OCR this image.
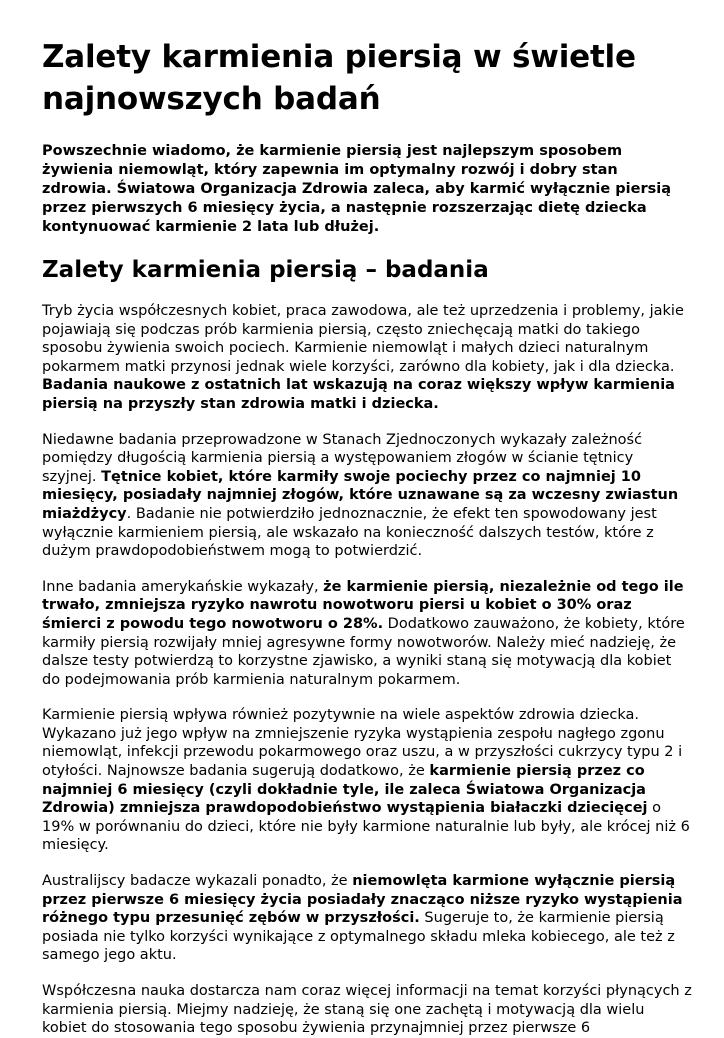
Zalety karmienia piersią w świetle najnowszych badań

Powszechnie wiadomo, że karmienie piersią jest najlepszym sposobem żywienia niemowląt, który zapewnia im optymalny rozwój i dobry stan zdrowia. Światowa Organizacja Zdrowia zaleca, aby karmić wyłącznie piersią przez pierwszych 6 miesięcy życia, a następnie rozszerzając dietę dziecka kontynuować karmienie 2 lata lub dłużej.

Zalety karmienia piersią – badania

Tryb życia współczesnych kobiet, praca zawodowa, ale też uprzedzenia i problemy, jakie pojawiają się podczas prób karmienia piersią, często zniechęcają matki do takiego sposobu żywienia swoich pociech. Karmienie niemowląt i małych dzieci naturalnym pokarmem matki przynosi jednak wiele korzyści, zarówno dla kobiety, jak i dla dziecka. Badania naukowe z ostatnich lat wskazują na coraz większy wpływ karmienia piersią na przyszły stan zdrowia matki i dziecka.

Niedawne badania przeprowadzone w Stanach Zjednoczonych wykazały zależność pomiędzy długością karmienia piersią a występowaniem złogów w ścianie tętnicy szyjnej. Tętnice kobiet, które karmiły swoje pociechy przez co najmniej 10 miesięcy, posiadały najmniej złogów, które uznawane są za wczesny zwiastun miażdżycy. Badanie nie potwierdziło jednoznacznie, że efekt ten spowodowany jest wyłącznie karmieniem piersią, ale wskazało na konieczność dalszych testów, które z dużym prawdopodobieństwem mogą to potwierdzić.

Inne badania amerykańskie wykazały, że karmienie piersią, niezależnie od tego ile trwało, zmniejsza ryzyko nawrotu nowotworu piersi u kobiet o 30% oraz śmierci z powodu tego nowotworu o 28%. Dodatkowo zauważono, że kobiety, które karmiły piersią rozwijały mniej agresywne formy nowotworów. Należy mieć nadzieję, że dalsze testy potwierdzą to korzystne zjawisko, a wyniki staną się motywacją dla kobiet do podejmowania prób karmienia naturalnym pokarmem.

Karmienie piersią wpływa również pozytywnie na wiele aspektów zdrowia dziecka. Wykazano już jego wpływ na zmniejszenie ryzyka wystąpienia zespołu nagłego zgonu niemowląt, infekcji przewodu pokarmowego oraz uszu, a w przyszłości cukrzycy typu 2 i otyłości. Najnowsze badania sugerują dodatkowo, że karmienie piersią przez co najmniej 6 miesięcy (czyli dokładnie tyle, ile zaleca Światowa Organizacja Zdrowia) zmniejsza prawdopodobieństwo wystąpienia białaczki dziecięcej o 19% w porównaniu do dzieci, które nie były karmione naturalnie lub były, ale krócej niż 6 miesięcy.

Australijscy badacze wykazali ponadto, że niemowlęta karmione wyłącznie piersią przez pierwsze 6 miesięcy życia posiadały znacząco niższe ryzyko wystąpienia różnego typu przesunięć zębów w przyszłości. Sugeruje to, że karmienie piersią posiada nie tylko korzyści wynikające z optymalnego składu mleka kobiecego, ale też z samego jego aktu.

Współczesna nauka dostarcza nam coraz więcej informacji na temat korzyści płynących z karmienia piersią. Miejmy nadzieję, że staną się one zachętą i motywacją dla wielu kobiet do stosowania tego sposobu żywienia przynajmniej przez pierwsze 6
